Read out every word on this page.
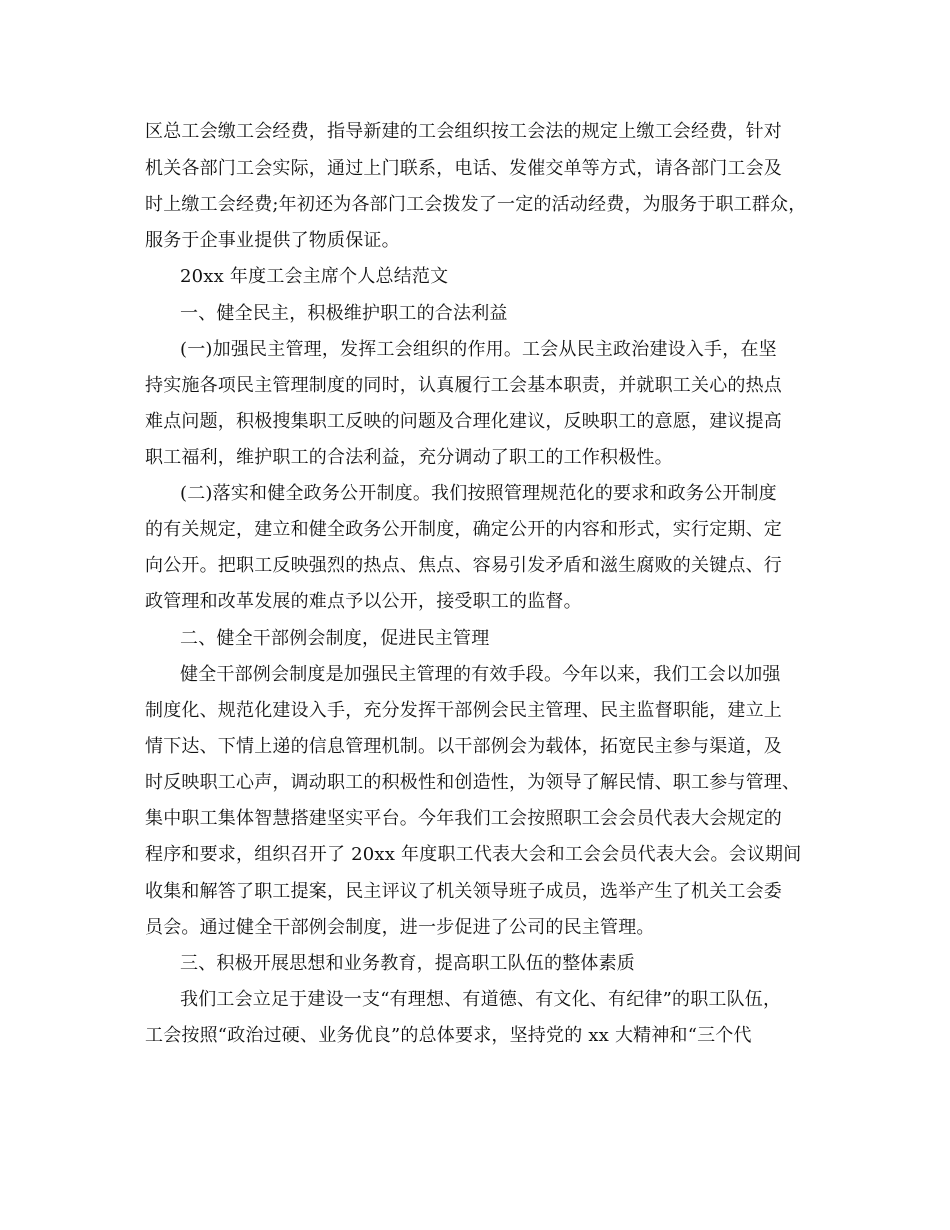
区总工会缴工会经费，指导新建的工会组织按工会法的规定上缴工会经费，针对
机关各部门工会实际，通过上门联系，电话、发催交单等方式，请各部门工会及
时上缴工会经费;年初还为各部门工会拨发了一定的活动经费，为服务于职工群众，
服务于企事业提供了物质保证。
20xx 年度工会主席个人总结范文
一、健全民主，积极维护职工的合法利益
(一)加强民主管理，发挥工会组织的作用。工会从民主政治建设入手，在坚
持实施各项民主管理制度的同时，认真履行工会基本职责，并就职工关心的热点
难点问题，积极搜集职工反映的问题及合理化建议，反映职工的意愿，建议提高
职工福利，维护职工的合法利益，充分调动了职工的工作积极性。
(二)落实和健全政务公开制度。我们按照管理规范化的要求和政务公开制度
的有关规定，建立和健全政务公开制度，确定公开的内容和形式，实行定期、定
向公开。把职工反映强烈的热点、焦点、容易引发矛盾和滋生腐败的关键点、行
政管理和改革发展的难点予以公开，接受职工的监督。
二、健全干部例会制度，促进民主管理
健全干部例会制度是加强民主管理的有效手段。今年以来，我们工会以加强
制度化、规范化建设入手，充分发挥干部例会民主管理、民主监督职能，建立上
情下达、下情上递的信息管理机制。以干部例会为载体，拓宽民主参与渠道，及
时反映职工心声，调动职工的积极性和创造性，为领导了解民情、职工参与管理、
集中职工集体智慧搭建坚实平台。今年我们工会按照职工会会员代表大会规定的
程序和要求，组织召开了 20xx 年度职工代表大会和工会会员代表大会。会议期间
收集和解答了职工提案，民主评议了机关领导班子成员，选举产生了机关工会委
员会。通过健全干部例会制度，进一步促进了公司的民主管理。
三、积极开展思想和业务教育，提高职工队伍的整体素质
我们工会立足于建设一支“有理想、有道德、有文化、有纪律”的职工队伍，
工会按照“政治过硬、业务优良”的总体要求，坚持党的 xx 大精神和“三个代
